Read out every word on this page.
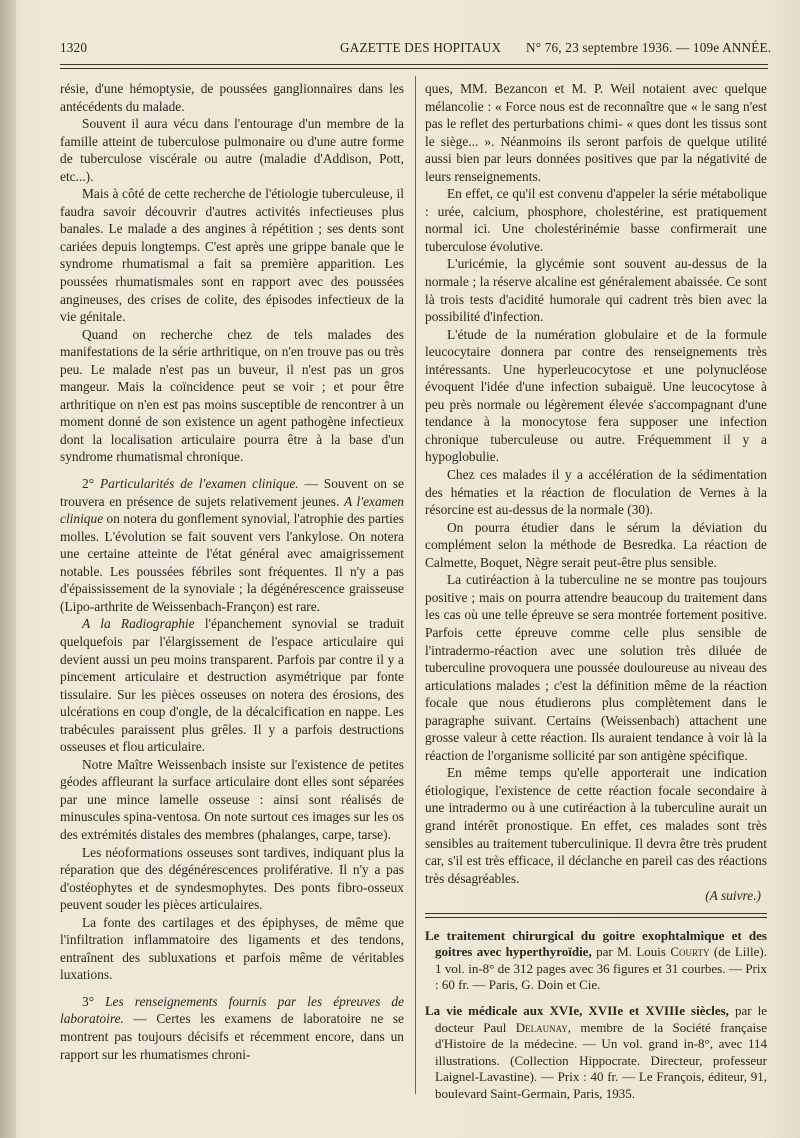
1320	GAZETTE DES HOPITAUX N° 76, 23 septembre 1936. — 109e ANNÉE.

résie, d'une hémoptysie, de poussées ganglionnaires dans les antécédents du malade.

Souvent il aura vécu dans l'entourage d'un membre de la famille atteint de tuberculose pulmonaire ou d'une autre forme de tuberculose viscérale ou autre (maladie d'Addison, Pott, etc...).

Mais à côté de cette recherche de l'étiologie tuberculeuse, il faudra savoir découvrir d'autres activités infectieuses plus banales. Le malade a des angines à répétition ; ses dents sont cariées depuis longtemps. C'est après une grippe banale que le syndrome rhumatismal a fait sa première apparition. Les poussées rhumatismales sont en rapport avec des poussées angineuses, des crises de colite, des épisodes infectieux de la vie génitale.

Quand on recherche chez de tels malades des manifestations de la série arthritique, on n'en trouve pas ou très peu. Le malade n'est pas un buveur, il n'est pas un gros mangeur. Mais la coïncidence peut se voir ; et pour être arthritique on n'en est pas moins susceptible de rencontrer à un moment donné de son existence un agent pathogène infectieux dont la localisation articulaire pourra être à la base d'un syndrome rhumatismal chronique.

2° Particularités de l'examen clinique. — Souvent on se trouvera en présence de sujets relativement jeunes. A l'examen clinique on notera du gonflement synovial, l'atrophie des parties molles. L'évolution se fait souvent vers l'ankylose. On notera une certaine atteinte de l'état général avec amaigrissement notable. Les poussées fébriles sont fréquentes. Il n'y a pas d'épaississement de la synoviale ; la dégénérescence graisseuse (Lipo-arthrite de Weissenbach-Françon) est rare.

A la Radiographie l'épanchement synovial se traduit quelquefois par l'élargissement de l'espace articulaire qui devient aussi un peu moins transparent. Parfois par contre il y a pincement articulaire et destruction asymétrique par fonte tissulaire. Sur les pièces osseuses on notera des érosions, des ulcérations en coup d'ongle, de la décalcification en nappe. Les trabécules paraissent plus grêles. Il y a parfois destructions osseuses et flou articulaire.

Notre Maître Weissenbach insiste sur l'existence de petites géodes affleurant la surface articulaire dont elles sont séparées par une mince lamelle osseuse : ainsi sont réalisés de minuscules spina-ventosa. On note surtout ces images sur les os des extrémités distales des membres (phalanges, carpe, tarse).

Les néoformations osseuses sont tardives, indiquant plus la réparation que des dégénérescences proliférative. Il n'y a pas d'ostéophytes et de syndesmophytes. Des ponts fibro-osseux peuvent souder les pièces articulaires.

La fonte des cartilages et des épiphyses, de même que l'infiltration inflammatoire des ligaments et des tendons, entraînent des subluxations et parfois même de véritables luxations.

3° Les renseignements fournis par les épreuves de laboratoire. — Certes les examens de laboratoire ne se montrent pas toujours décisifs et récemment encore, dans un rapport sur les rhumatismes chroni-

ques, MM. Bezancon et M. P. Weil notaient avec quelque mélancolie : « Force nous est de reconnaître que « le sang n'est pas le reflet des perturbations chimi- « ques dont les tissus sont le siège... ». Néanmoins ils seront parfois de quelque utilité aussi bien par leurs données positives que par la négativité de leurs renseignements.

En effet, ce qu'il est convenu d'appeler la série métabolique : urée, calcium, phosphore, cholestérine, est pratiquement normal ici. Une cholestérinémie basse confirmerait une tuberculose évolutive.

L'uricémie, la glycémie sont souvent au-dessus de la normale ; la réserve alcaline est généralement abaissée. Ce sont là trois tests d'acidité humorale qui cadrent très bien avec la possibilité d'infection.

L'étude de la numération globulaire et de la formule leucocytaire donnera par contre des renseignements très intéressants. Une hyperleucocytose et une polynucléose évoquent l'idée d'une infection subaiguë. Une leucocytose à peu près normale ou légèrement élevée s'accompagnant d'une tendance à la monocytose fera supposer une infection chronique tuberculeuse ou autre. Fréquemment il y a hypoglobulie.

Chez ces malades il y a accélération de la sédimentation des hématies et la réaction de floculation de Vernes à la résorcine est au-dessus de la normale (30).

On pourra étudier dans le sérum la déviation du complément selon la méthode de Besredka. La réaction de Calmette, Boquet, Nègre serait peut-être plus sensible.

La cutiréaction à la tuberculine ne se montre pas toujours positive ; mais on pourra attendre beaucoup du traitement dans les cas où une telle épreuve se sera montrée fortement positive. Parfois cette épreuve comme celle plus sensible de l'intradermo-réaction avec une solution très diluée de tuberculine provoquera une poussée douloureuse au niveau des articulations malades ; c'est la définition même de la réaction focale que nous étudierons plus complètement dans le paragraphe suivant. Certains (Weissenbach) attachent une grosse valeur à cette réaction. Ils auraient tendance à voir là la réaction de l'organisme sollicité par son antigène spécifique.

En même temps qu'elle apporterait une indication étiologique, l'existence de cette réaction focale secondaire à une intradermo ou à une cutiréaction à la tuberculine aurait un grand intérêt pronostique. En effet, ces malades sont très sensibles au traitement tuberculinique. Il devra être très prudent car, s'il est très efficace, il déclanche en pareil cas des réactions très désagréables.

(A suivre.)

Le traitement chirurgical du goitre exophtalmique et des goitres avec hyperthyroïdie, par M. Louis Courty (de Lille). 1 vol. in-8° de 312 pages avec 36 figures et 31 courbes. — Prix : 60 fr. — Paris, G. Doin et Cie.

La vie médicale aux XVIe, XVIIe et XVIIIe siècles, par le docteur Paul Delaunay, membre de la Société française d'Histoire de la médecine. — Un vol. grand in-8°, avec 114 illustrations. (Collection Hippocrate. Directeur, professeur Laignel-Lavastine). — Prix : 40 fr. — Le François, éditeur, 91, boulevard Saint-Germain, Paris, 1935.
